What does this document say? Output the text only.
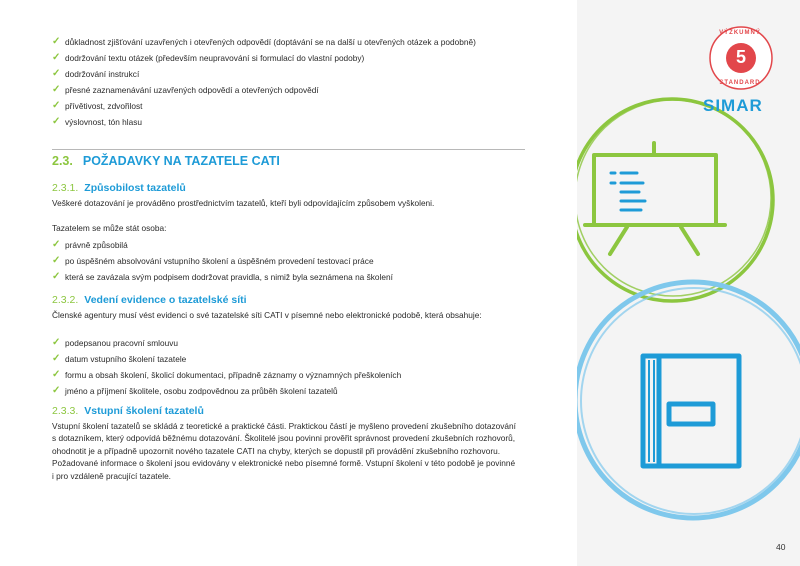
✓ důkladnost zjišťování uzavřených i otevřených odpovědí (doptávání se na další u otevřených otázek a podobně)
✓ dodržování textu otázek (především neupravování si formulací do vlastní podoby)
✓ dodržování instrukcí
✓ přesné zaznamenávání uzavřených odpovědí a otevřených odpovědí
✓ přívětivost, zdvořilost
✓ výslovnost, tón hlasu
2.3. POŽADAVKY NA TAZATELE CATI
2.3.1. Způsobilost tazatelů
Veškeré dotazování je prováděno prostřednictvím tazatelů, kteří byli odpovídajícím způsobem vyškoleni.
Tazatelem se může stát osoba:
✓ právně způsobilá
✓ po úspěšném absolvování vstupního školení a úspěšném provedení testovací práce
✓ která se zavázala svým podpisem dodržovat pravidla, s nimiž byla seznámena na školení
2.3.2. Vedení evidence o tazatelské síti
Členské agentury musí vést evidenci o své tazatelské síti CATI v písemné nebo elektronické podobě, která obsahuje:
✓ podepsanou pracovní smlouvu
✓ datum vstupního školení tazatele
✓ formu a obsah školení, školicí dokumentaci, případně záznamy o významných přeškoleních
✓ jméno a příjmení školitele, osobu zodpovědnou za průběh školení tazatelů
2.3.3. Vstupní školení tazatelů
Vstupní školení tazatelů se skládá z teoretické a praktické části. Praktickou částí je myšleno provedení zkušebního dotazování s dotazníkem, který odpovídá běžnému dotazování. Školitelé jsou povinni prověřit správnost provedení zkušebních rozhovorů, ohodnotit je a případně upozornit nového tazatele CATI na chyby, kterých se dopustil při provádění zkušebního rozhovoru. Požadované informace o školení jsou evidovány v elektronické nebo písemné formě. Vstupní školení v této podobě je povinné i pro vzdáleně pracující tazatele.
5
VÝZKUMNÝ
STANDARD
SIMAR
40
